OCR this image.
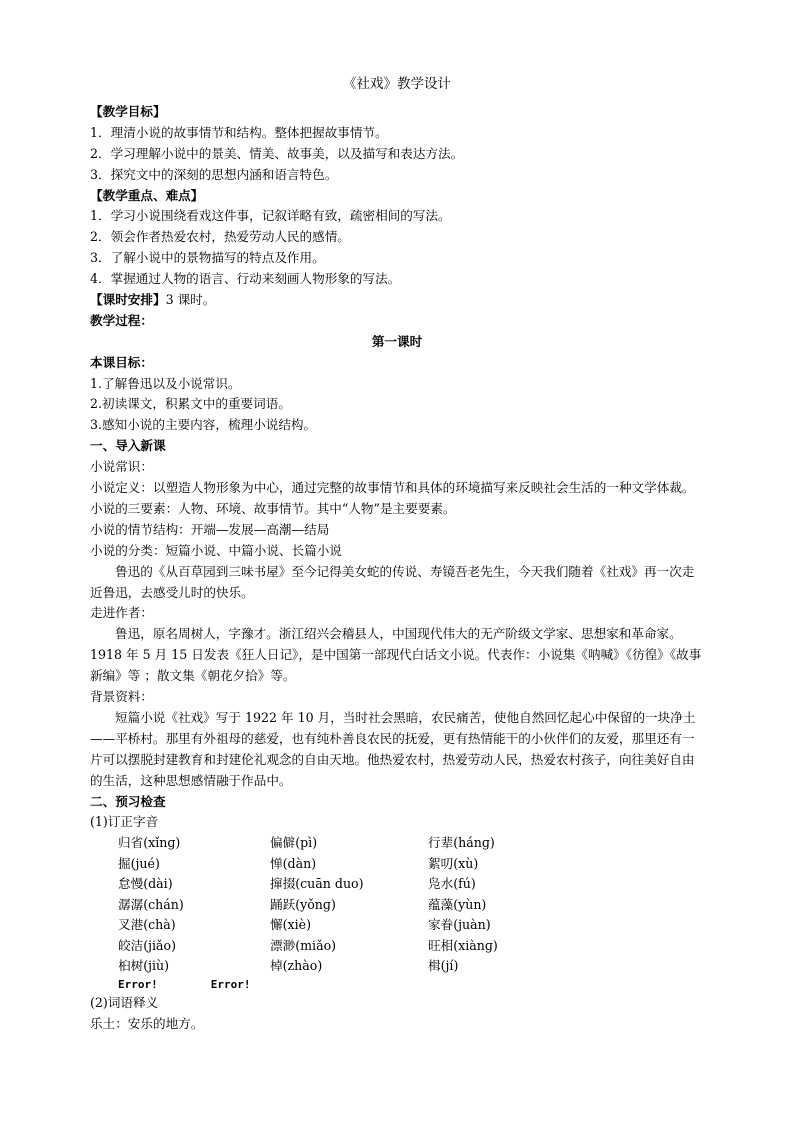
《社戏》教学设计
【教学目标】
1．理清小说的故事情节和结构。整体把握故事情节。
2．学习理解小说中的景美、情美、故事美，以及描写和表达方法。
3．探究文中的深刻的思想内涵和语言特色。
【教学重点、难点】
1．学习小说围绕看戏这件事，记叙详略有致，疏密相间的写法。
2．领会作者热爱农村，热爱劳动人民的感情。
3．了解小说中的景物描写的特点及作用。
4．掌握通过人物的语言、行动来刻画人物形象的写法。
【课时安排】3 课时。
教学过程：
第一课时
本课目标：
1.了解鲁迅以及小说常识。
2.初读课文，积累文中的重要词语。
3.感知小说的主要内容，梳理小说结构。
一、导入新课
小说常识：
小说定义：以塑造人物形象为中心，通过完整的故事情节和具体的环境描写来反映社会生活的一种文学体裁。
小说的三要素：人物、环境、故事情节。其中“人物”是主要要素。
小说的情节结构：开端—发展—高潮—结局
小说的分类：短篇小说、中篇小说、长篇小说
鲁迅的《从百草园到三味书屋》至今记得美女蛇的传说、寿镜吾老先生，今天我们随着《社戏》再一次走近鲁迅，去感受儿时的快乐。
走进作者：
鲁迅，原名周树人，字豫才。浙江绍兴会稽县人，中国现代伟大的无产阶级文学家、思想家和革命家。
1918 年 5 月 15 日发表《狂人日记》，是中国第一部现代白话文小说。代表作：小说集《呐喊》《彷徨》《故事新编》等 ；散文集《朝花夕拾》等。
背景资料：
短篇小说《社戏》写于 1922 年 10 月，当时社会黑暗，农民痛苦，使他自然回忆起心中保留的一块净土——平桥村。那里有外祖母的慈爱，也有纯朴善良农民的抚爱，更有热情能干的小伙伴们的友爱，那里还有一片可以摆脱封建教育和封建伦礼观念的自由天地。他热爱农村，热爱劳动人民，热爱农村孩子，向往美好自由的生活，这种思想感情融于作品中。
二、预习检查
(1)订正字音
归省(xǐnɡ)	偏僻(pì)	行辈(hánɡ)
掘(jué)	惮(dàn)	絮叨(xù)
怠慢(dài)	撺掇(cuān duo)	凫水(fú)
潺潺(chán)	踊跃(yǒnɡ)	蕴藻(yùn)
叉港(chà)	懈(xiè)	家眷(juàn)
皎洁(jiǎo)	漂渺(miǎo)	旺相(xiànɡ)
桕树(jiù)	棹(zhào)	楫(jí)
Error!        Error!
(2)词语释义
乐土：安乐的地方。
